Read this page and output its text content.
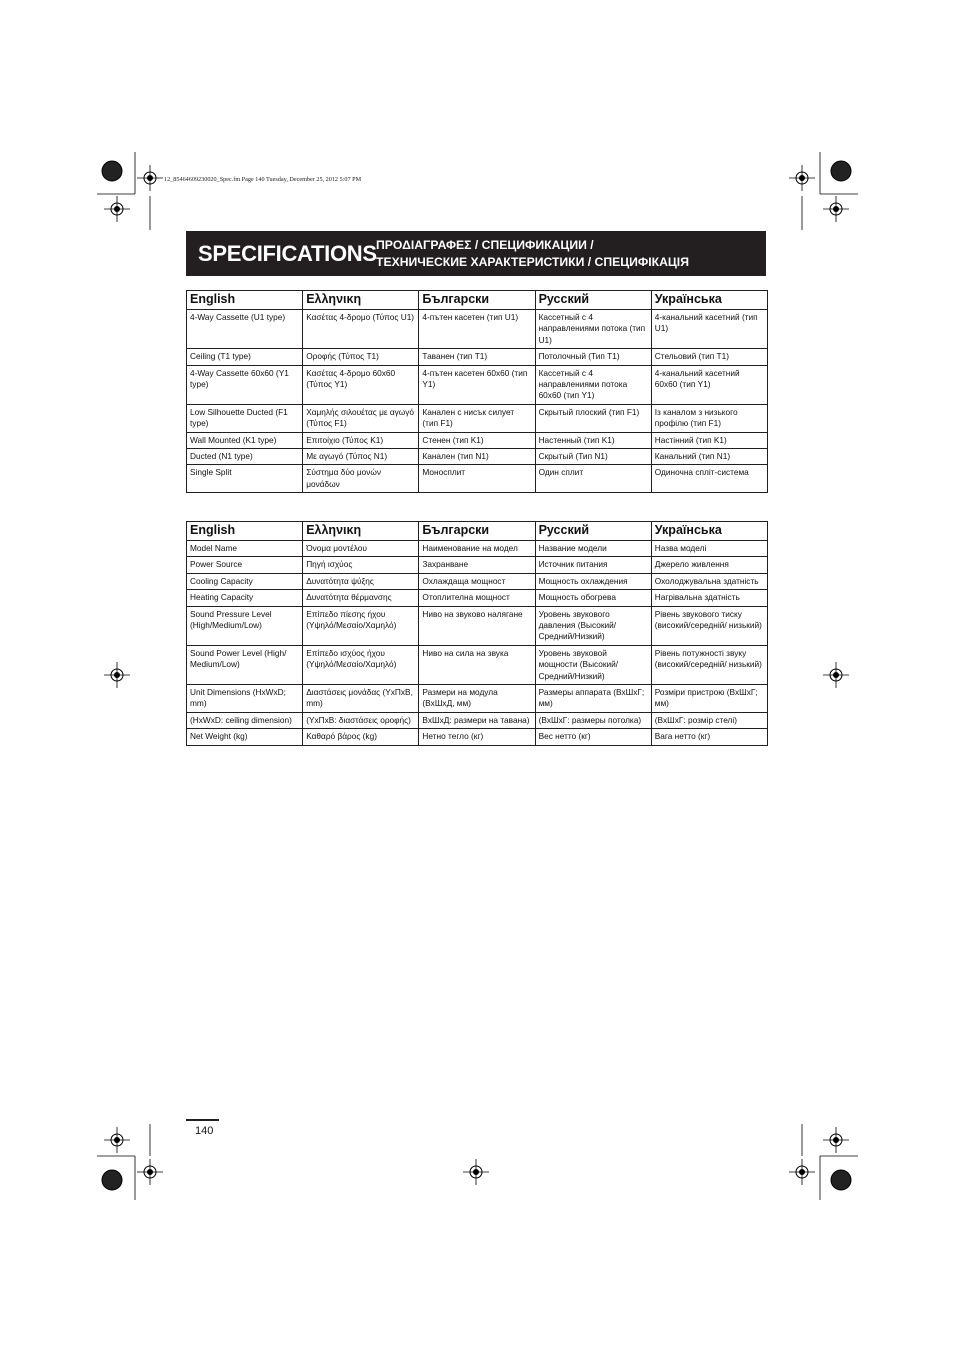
12_85464609230020_Spec.fm Page 140 Tuesday, December 25, 2012 5:07 PM
SPECIFICATIONS ΠΡΟΔΙΑΓΡΑΦΕΣ / СПЕЦИФИКАЦИИ /
ТЕХНИЧЕСКИЕ ХАРАКТЕРИСТИКИ / СПЕЦИФІКАЦІЯ
English	Ελληνικη	Български	Русский	Українська
4-Way Cassette (U1 type)	Κασέτας 4-δρομο (Τύπος U1)	4-пътен касетен (тип U1)	Кассетный с 4 направлениями потока (тип U1)	4-канальний касетний (тип U1)
Ceiling (T1 type)	Οροφής (Τύπος T1)	Таванен (тип T1)	Потолочный (Тип T1)	Стельовий (тип T1)
4-Way Cassette 60x60 (Y1 type)	Κασέτας 4-δρομο 60x60 (Τύπος Y1)	4-пътен касетен 60x60 (тип Y1)	Кассетный с 4 направлениями потока 60x60 (тип Y1)	4-канальний касетний 60x60 (тип Y1)
Low Silhouette Ducted (F1 type)	Χαμηλής σιλουέτας με αγωγό (Τύπος F1)	Канален с нисък силует (тип F1)	Скрытый плоский (тип F1)	Із каналом з низького профілю (тип F1)
Wall Mounted (K1 type)	Επιτοίχιο (Τύπος K1)	Стенен (тип K1)	Настенный (тип K1)	Настінний (тип K1)
Ducted (N1 type)	Με αγωγό (Τύπος N1)	Канален (тип N1)	Скрытый (Тип N1)	Канальний (тип N1)
Single Split	Σύστημα δύο μονών μονάδων	Моносплит	Один сплит	Одиночна спліт-система
English	Ελληνικη	Български	Русский	Українська
Model Name	Όνομα μοντέλου	Наименование на модел	Название модели	Назва моделі
Power Source	Πηγή ισχύος	Захранване	Источник питания	Джерело живлення
Cooling Capacity	Δυνατότητα ψύξης	Охлаждаща мощност	Мощность охлаждения	Охолоджувальна здатність
Heating Capacity	Δυνατότητα θέρμανσης	Отоплителна мощност	Мощность обогрева	Нагрівальна здатність
Sound Pressure Level (High/Medium/Low)	Επίπεδο πίεσης ήχου (Υψηλό/Μεσαίο/Χαμηλό)	Ниво на звуково налягане	Уровень звукового давления (Высокий/ Средний/Низкий)	Рівень звукового тиску (високий/середній/ низький)
Sound Power Level (High/ Medium/Low)	Επίπεδο ισχύος ήχου (Υψηλό/Μεσαίο/Χαμηλό)	Ниво на сила на звука	Уровень звуковой мощности (Высокий/ Средний/Низкий)	Рівень потужності звуку (високий/середній/ низький)
Unit Dimensions (HxWxD; mm)	Διαστάσεις μονάδας (ΥxΠxΒ, mm)	Размери на модула (ВxШxД, мм)	Размеры аппарата (ВxШxГ; мм)	Розміри пристрою (ВхШхГ; мм)
(HxWxD: ceiling dimension)	(ΥxΠxΒ: διαστάσεις οροφής)	ВxШxД: размери на тавана)	(ВxШxГ: размеры потолка)	(ВхШхГ: розмір стелі)
Net Weight (kg)	Καθαρό βάρος (kg)	Нетно тегло (кг)	Вес нетто (кг)	Вага нетто (кг)
140
